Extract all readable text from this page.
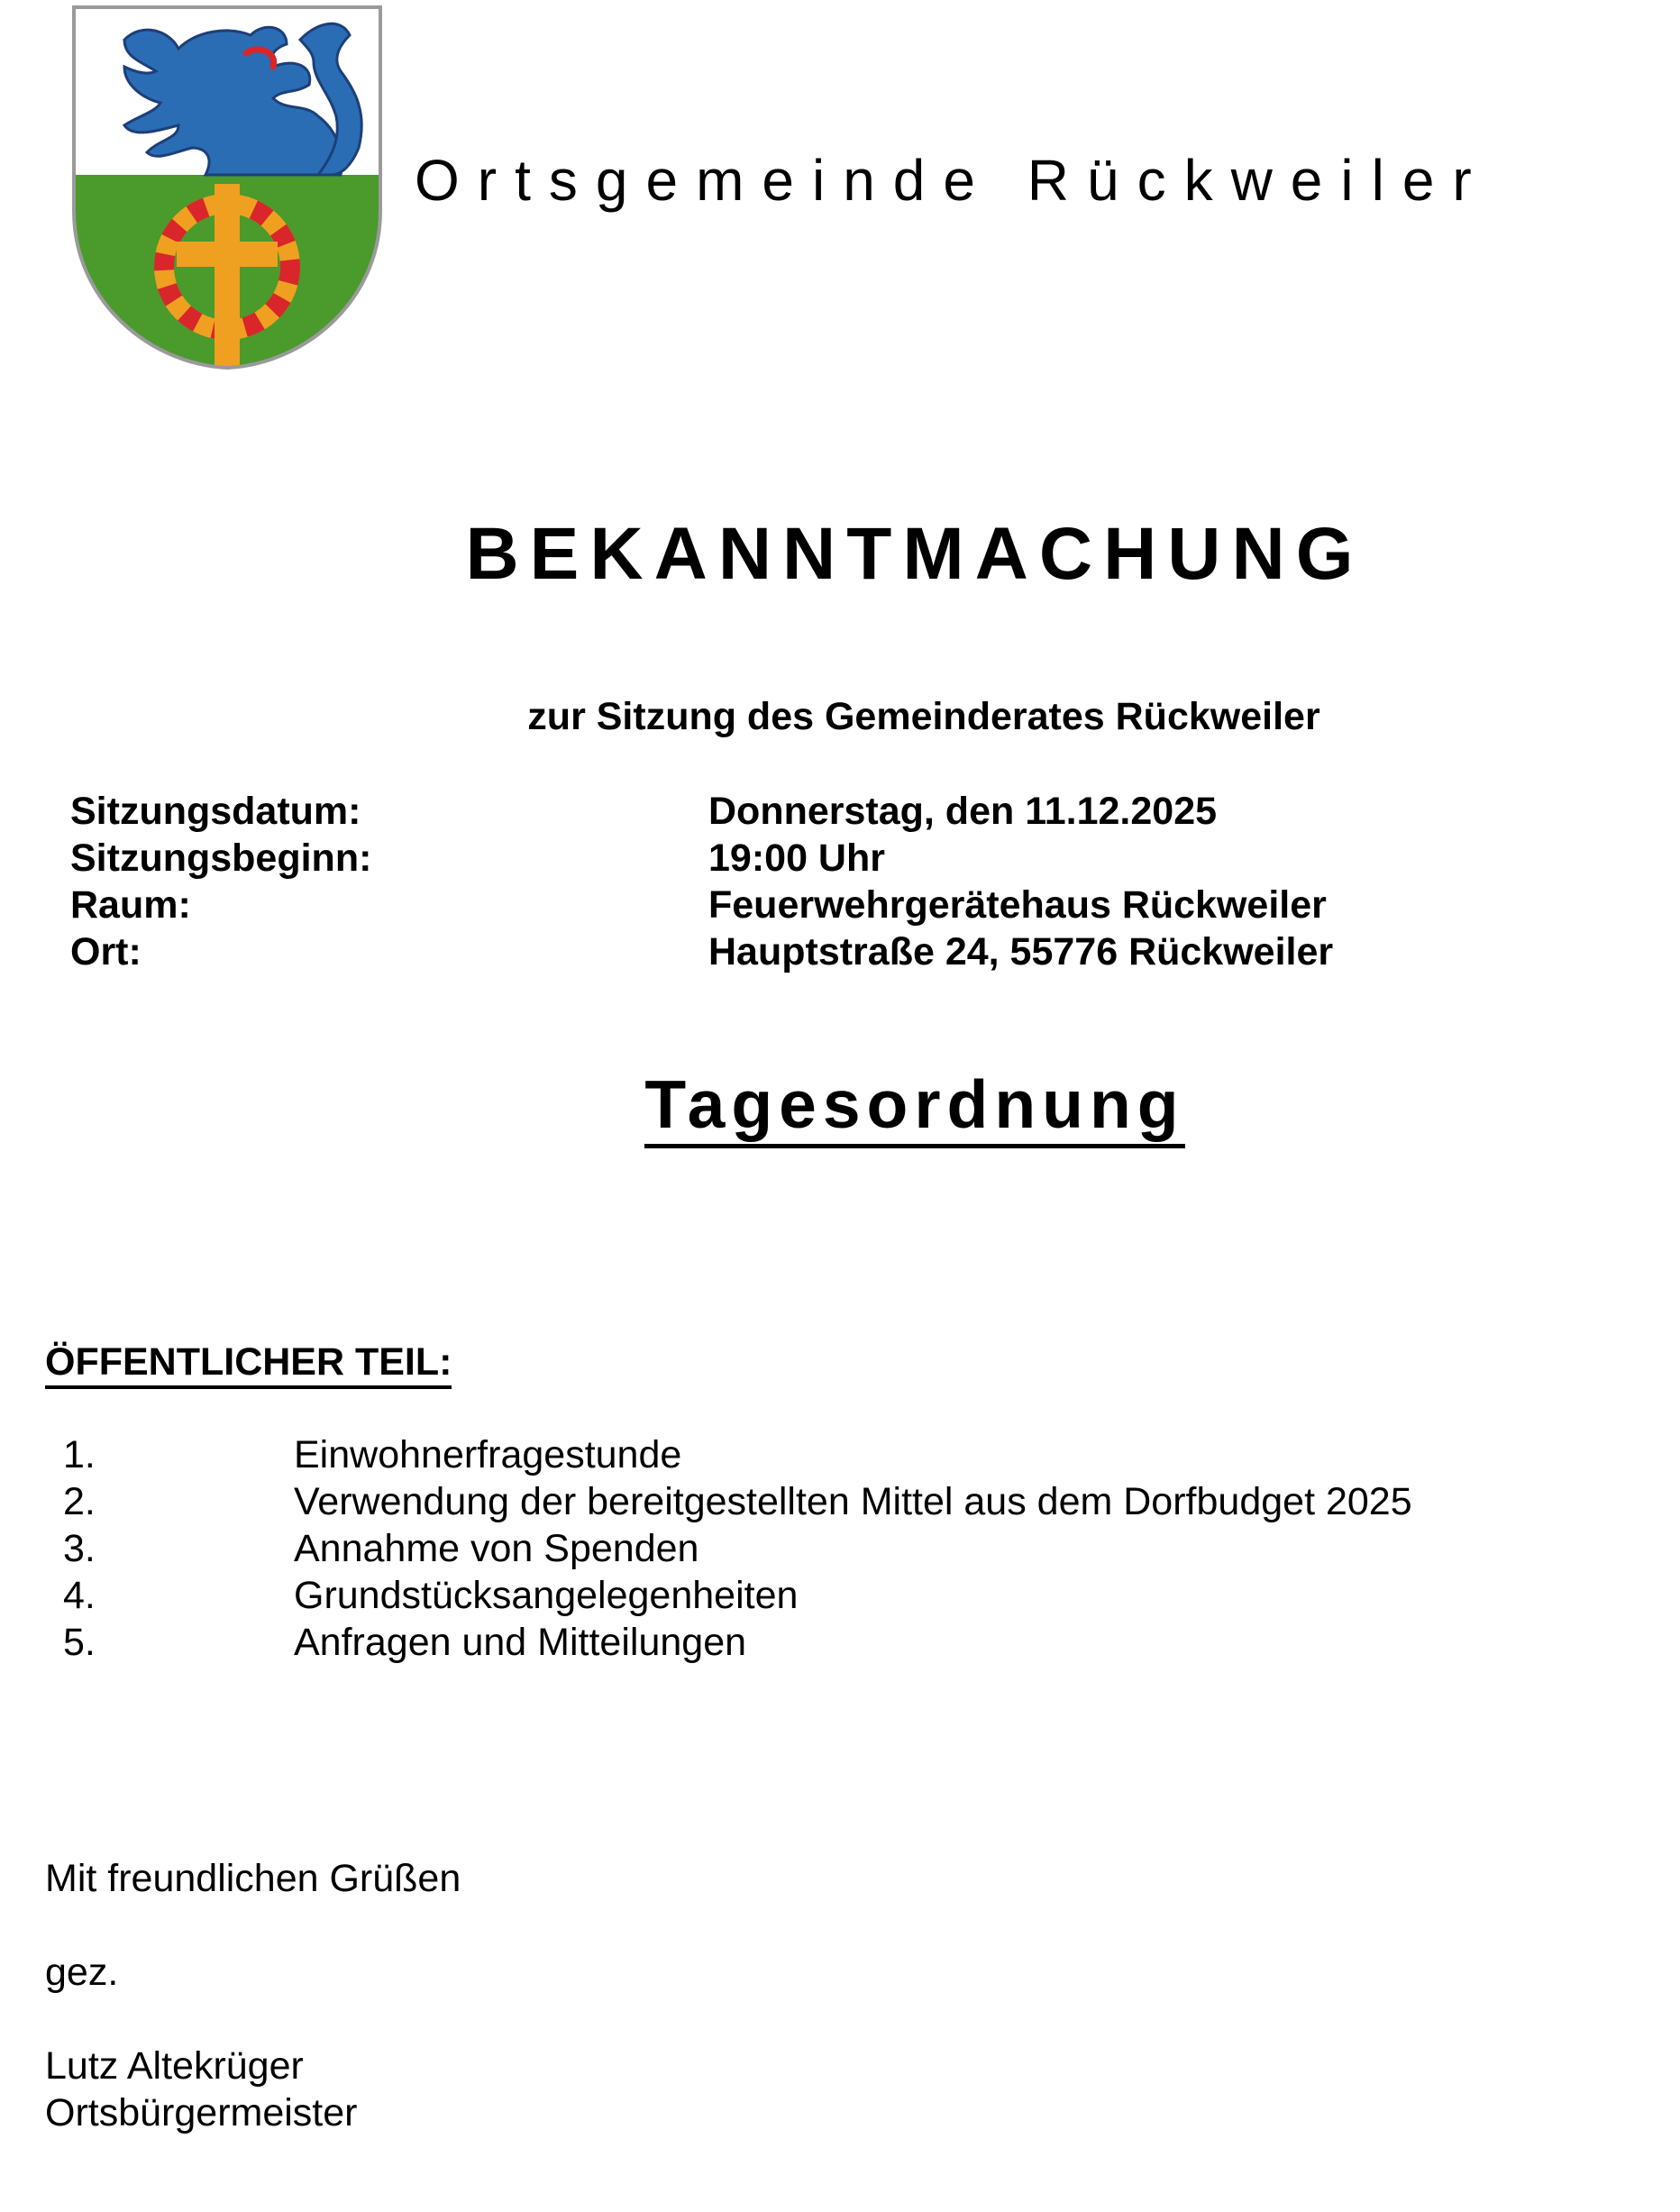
Ortsgemeinde Rückweiler
BEKANNTMACHUNG
zur Sitzung des Gemeinderates Rückweiler
Sitzungsdatum:	Donnerstag, den 11.12.2025
Sitzungsbeginn:	19:00 Uhr
Raum:	Feuerwehrgerätehaus Rückweiler
Ort:	Hauptstraße 24, 55776 Rückweiler
Tagesordnung
ÖFFENTLICHER TEIL:
1.	Einwohnerfragestunde
2.	Verwendung der bereitgestellten Mittel aus dem Dorfbudget 2025
3.	Annahme von Spenden
4.	Grundstücksangelegenheiten
5.	Anfragen und Mitteilungen
Mit freundlichen Grüßen
gez.
Lutz Altekrüger
Ortsbürgermeister
